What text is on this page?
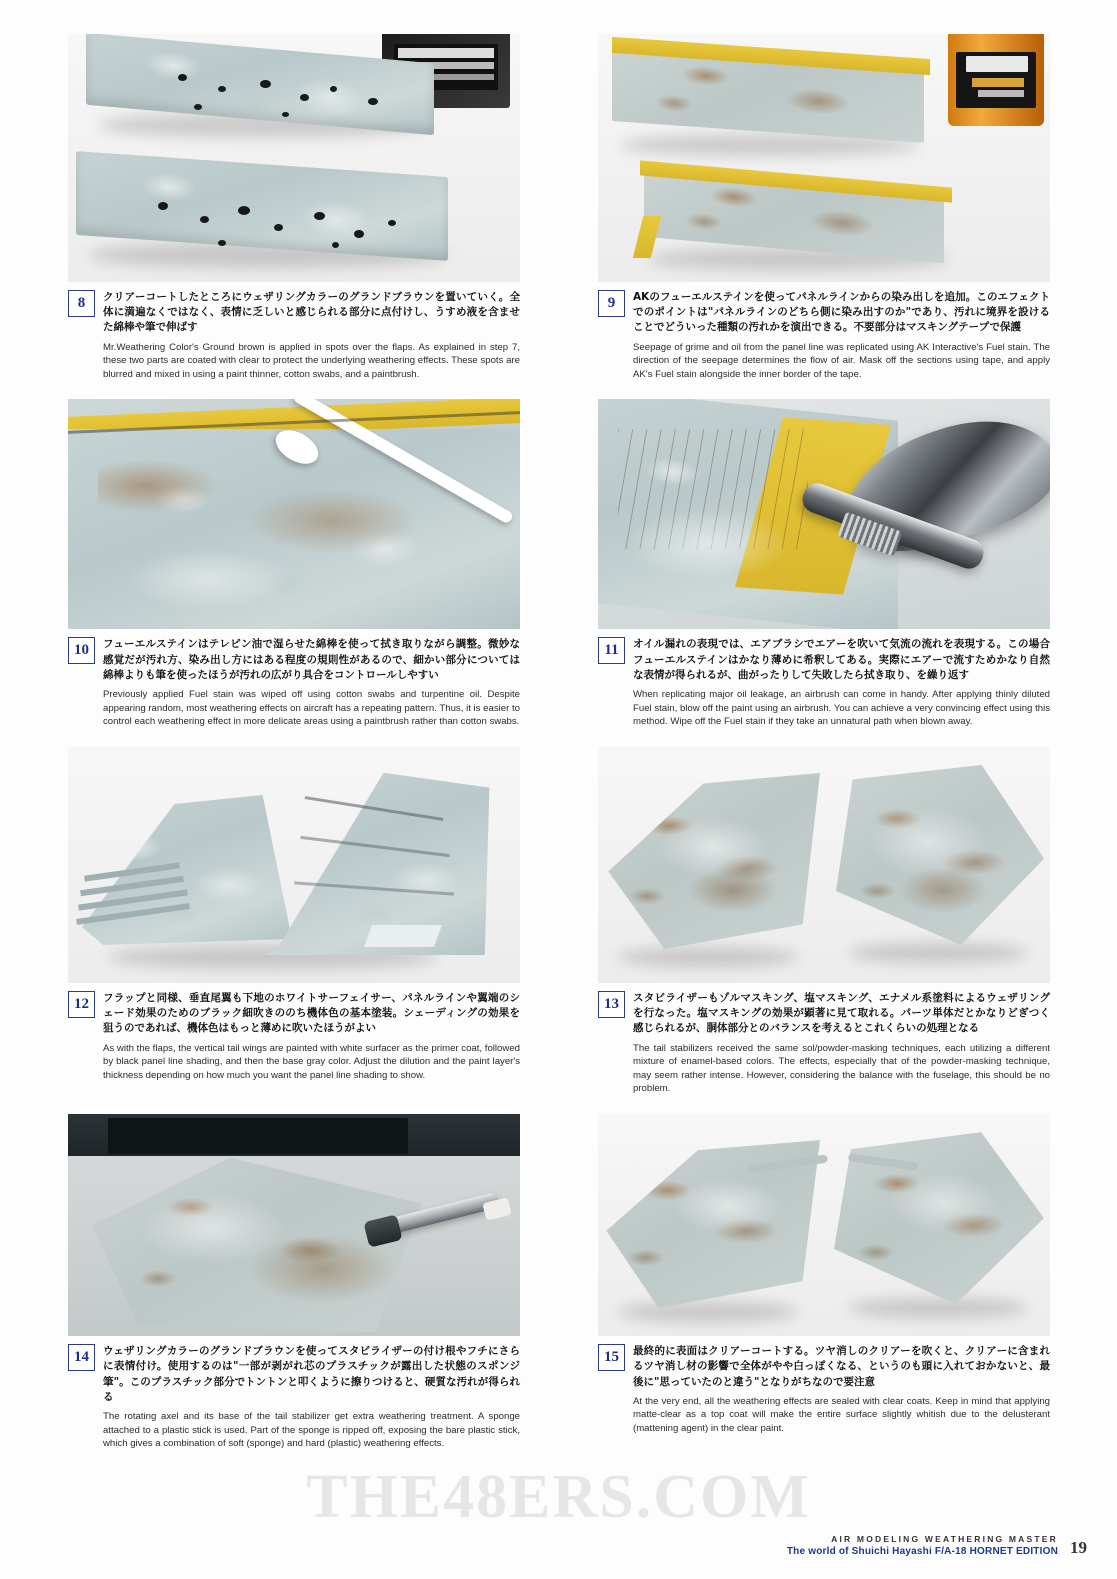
8	クリアーコートしたところにウェザリングカラーのグランドブラウンを置いていく。全体に満遍なくではなく、表情に乏しいと感じられる部分に点付けし、うすめ液を含ませた綿棒や筆で伸ばす
Mr.Weathering Color's Ground brown is applied in spots over the flaps. As explained in step 7, these two parts are coated with clear to protect the underlying weathering effects. These spots are blurred and mixed in using a paint thinner, cotton swabs, and a paintbrush.
9	AKのフューエルステインを使ってパネルラインからの染み出しを追加。このエフェクトでのポイントは"パネルラインのどちら側に染み出すのか"であり、汚れに境界を設けることでどういった種類の汚れかを演出できる。不要部分はマスキングテープで保護
Seepage of grime and oil from the panel line was replicated using AK Interactive's Fuel stain. The direction of the seepage determines the flow of air. Mask off the sections using tape, and apply AK's Fuel stain alongside the inner border of the tape.
10	フューエルステインはテレピン油で湿らせた綿棒を使って拭き取りながら調整。微妙な感覚だが汚れ方、染み出し方にはある程度の規則性があるので、細かい部分については綿棒よりも筆を使ったほうが汚れの広がり具合をコントロールしやすい
Previously applied Fuel stain was wiped off using cotton swabs and turpentine oil. Despite appearing random, most weathering effects on aircraft has a repeating pattern. Thus, it is easier to control each weathering effect in more delicate areas using a paintbrush rather than cotton swabs.
11	オイル漏れの表現では、エアブラシでエアーを吹いて気流の流れを表現する。この場合フューエルステインはかなり薄めに希釈してある。実際にエアーで流すためかなり自然な表情が得られるが、曲がったりして失敗したら拭き取り、を繰り返す
When replicating major oil leakage, an airbrush can come in handy. After applying thinly diluted Fuel stain, blow off the paint using an airbrush. You can achieve a very convincing effect using this method. Wipe off the Fuel stain if they take an unnatural path when blown away.
12	フラップと同様、垂直尾翼も下地のホワイトサーフェイサー、パネルラインや翼端のシェード効果のためのブラック細吹きののち機体色の基本塗装。シェーディングの効果を狙うのであれば、機体色はもっと薄めに吹いたほうがよい
As with the flaps, the vertical tail wings are painted with white surfacer as the primer coat, followed by black panel line shading, and then the base gray color. Adjust the dilution and the paint layer's thickness depending on how much you want the panel line shading to show.
13	スタビライザーもゾルマスキング、塩マスキング、エナメル系塗料によるウェザリングを行なった。塩マスキングの効果が顕著に見て取れる。パーツ単体だとかなりどぎつく感じられるが、胴体部分とのバランスを考えるとこれくらいの処理となる
The tail stabilizers received the same sol/powder-masking techniques, each utilizing a different mixture of enamel-based colors. The effects, especially that of the powder-masking technique, may seem rather intense. However, considering the balance with the fuselage, this should be no problem.
14	ウェザリングカラーのグランドブラウンを使ってスタビライザーの付け根やフチにさらに表情付け。使用するのは"一部が剥がれ芯のプラスチックが露出した状態のスポンジ筆"。このプラスチック部分でトントンと叩くように擦りつけると、硬質な汚れが得られる
The rotating axel and its base of the tail stabilizer get extra weathering treatment. A sponge attached to a plastic stick is used. Part of the sponge is ripped off, exposing the bare plastic stick, which gives a combination of soft (sponge) and hard (plastic) weathering effects.
15	最終的に表面はクリアーコートする。ツヤ消しのクリアーを吹くと、クリアーに含まれるツヤ消し材の影響で全体がやや白っぽくなる、というのも頭に入れておかないと、最後に"思っていたのと違う"となりがちなので要注意
At the very end, all the weathering effects are sealed with clear coats. Keep in mind that applying matte-clear as a top coat will make the entire surface slightly whitish due to the delusterant (mattening agent) in the clear paint.
THE48ERS.COM
AIR MODELING WEATHERING MASTER
The world of Shuichi Hayashi F/A-18 HORNET EDITION 19
